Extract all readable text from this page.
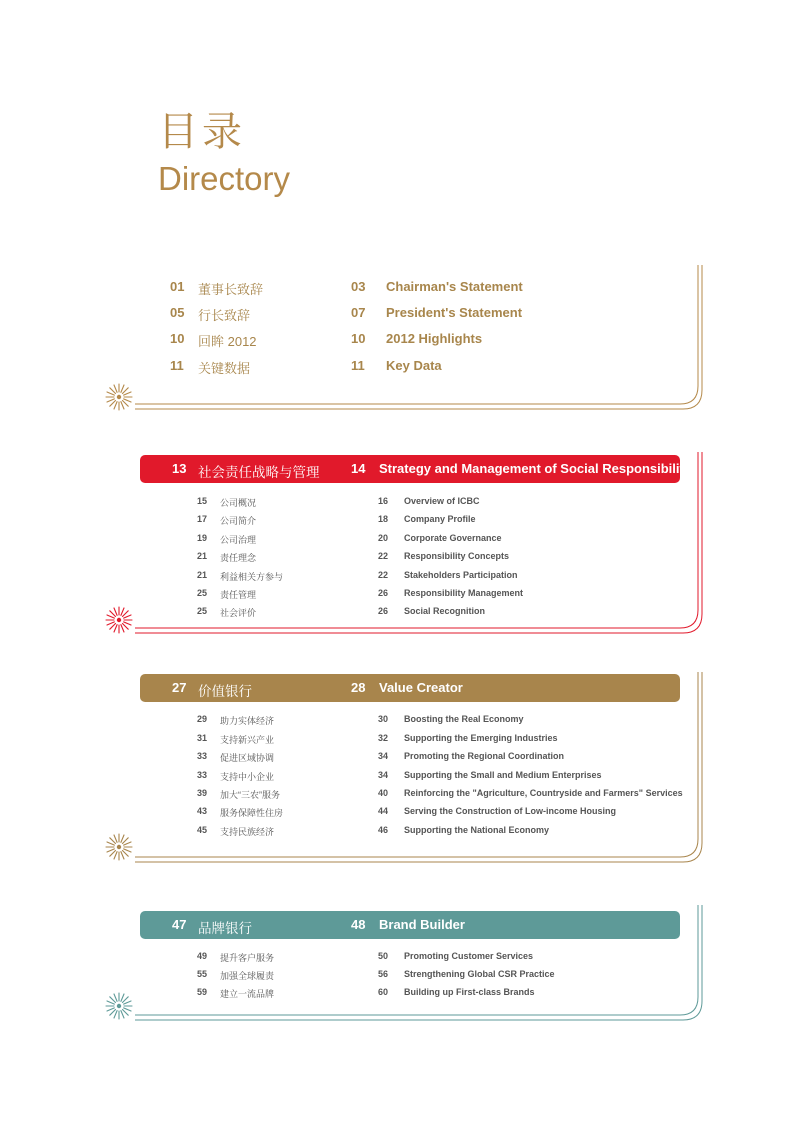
目录
Directory
01 董事长致辞	03 Chairman's Statement
05 行长致辞	07 President's Statement
10 回眸 2012	10 2012 Highlights
11 关键数据	11 Key Data
13 社会责任战略与管理 14 Strategy and Management of Social Responsibility
15 公司概况	16 Overview of ICBC
17 公司简介	18 Company Profile
19 公司治理	20 Corporate Governance
21 责任理念	22 Responsibility Concepts
21 利益相关方参与	22 Stakeholders Participation
25 责任管理	26 Responsibility Management
25 社会评价	26 Social Recognition
27 价值银行	28 Value Creator
29 助力实体经济	30 Boosting the Real Economy
31 支持新兴产业	32 Supporting the Emerging Industries
33 促进区域协调	34 Promoting the Regional Coordination
33 支持中小企业	34 Supporting the Small and Medium Enterprises
39 加大“三农”服务	40 Reinforcing the "Agriculture, Countryside and Farmers" Services
43 服务保障性住房	44 Serving the Construction of Low-income Housing
45 支持民族经济	46 Supporting the National Economy
47 品牌银行	48 Brand Builder
49 提升客户服务	50 Promoting Customer Services
55 加强全球履责	56 Strengthening Global CSR Practice
59 建立一流品牌	60 Building up First-class Brands
